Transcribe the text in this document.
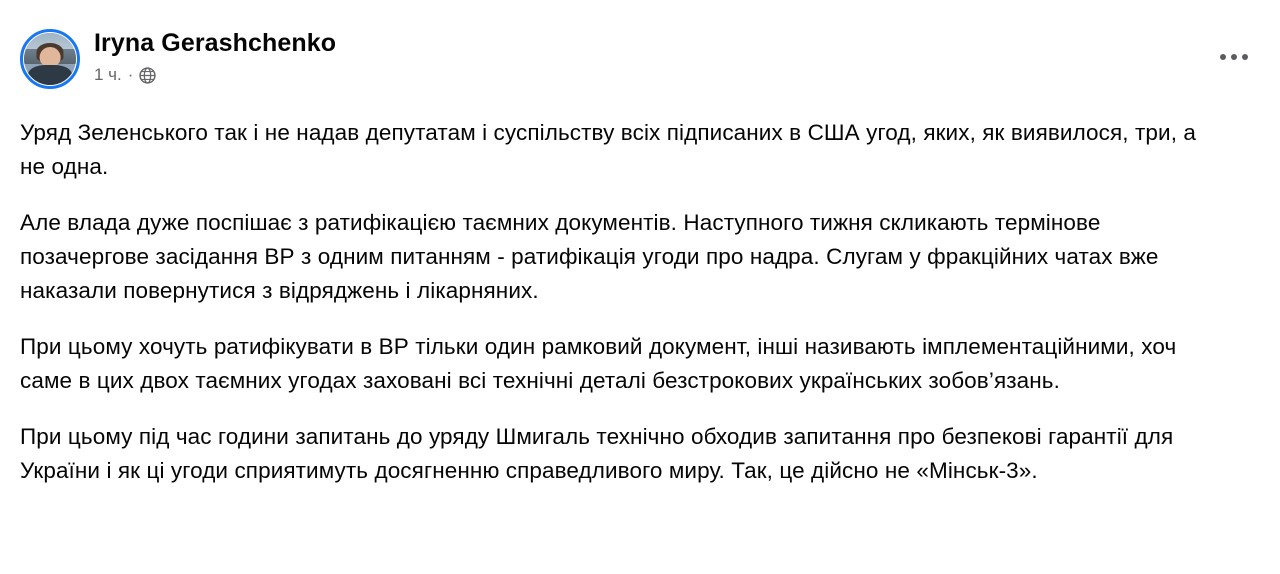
Iryna Gerashchenko
1 ч. ·

Уряд Зеленського так і не надав депутатам і суспільству всіх підписаних в США угод, яких, як виявилося, три, а не одна.

Але влада дуже поспішає з ратифікацією таємних документів. Наступного тижня скликають термінове позачергове засідання ВР з одним питанням - ратифікація угоди про надра. Слугам у фракційних чатах вже наказали повернутися з відряджень і лікарняних.

При цьому хочуть ратифікувати в ВР тільки один рамковий документ, інші називають імплементаційними, хоч саме в цих двох таємних угодах заховані всі технічні деталі безстрокових українських зобов’язань.

При цьому під час години запитань до уряду Шмигаль технічно обходив запитання про безпекові гарантії для України і як ці угоди сприятимуть досягненню справедливого миру. Так, це дійсно не «Мінськ-3».
